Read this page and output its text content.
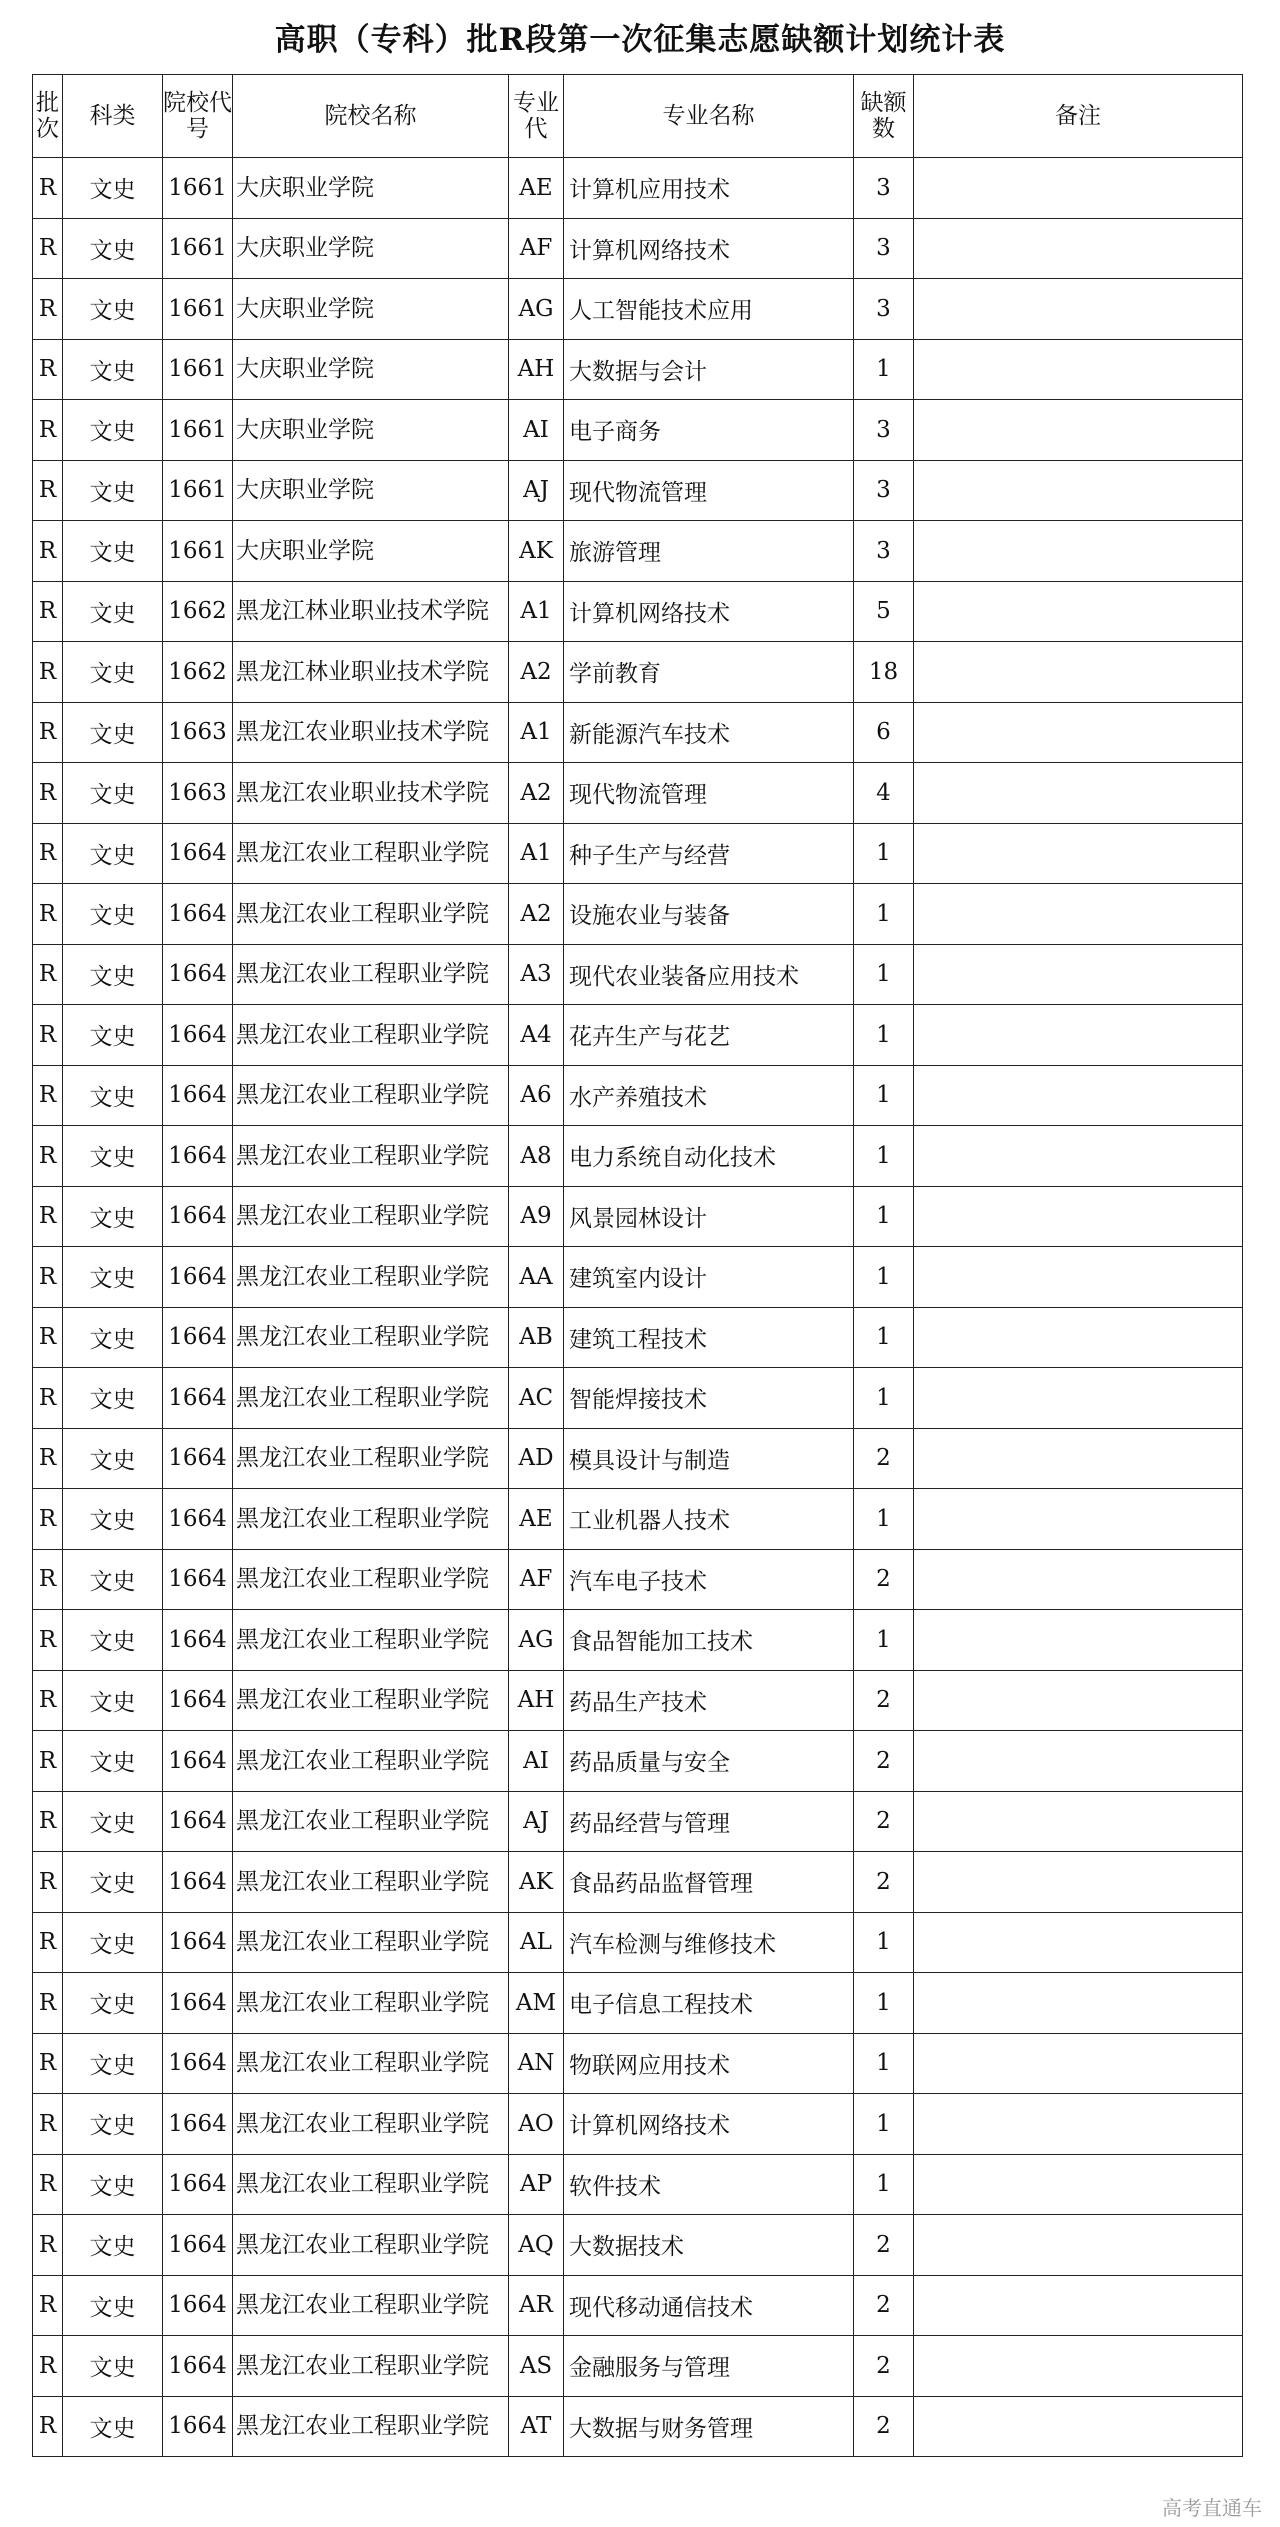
高职（专科）批R段第一次征集志愿缺额计划统计表
批次	科类	院校代号	院校名称	专业代	专业名称	缺额数	备注
R	文史	1661	大庆职业学院	AE	计算机应用技术	3	
R	文史	1661	大庆职业学院	AF	计算机网络技术	3	
R	文史	1661	大庆职业学院	AG	人工智能技术应用	3	
R	文史	1661	大庆职业学院	AH	大数据与会计	1	
R	文史	1661	大庆职业学院	AI	电子商务	3	
R	文史	1661	大庆职业学院	AJ	现代物流管理	3	
R	文史	1661	大庆职业学院	AK	旅游管理	3	
R	文史	1662	黑龙江林业职业技术学院	A1	计算机网络技术	5	
R	文史	1662	黑龙江林业职业技术学院	A2	学前教育	18	
R	文史	1663	黑龙江农业职业技术学院	A1	新能源汽车技术	6	
R	文史	1663	黑龙江农业职业技术学院	A2	现代物流管理	4	
R	文史	1664	黑龙江农业工程职业学院	A1	种子生产与经营	1	
R	文史	1664	黑龙江农业工程职业学院	A2	设施农业与装备	1	
R	文史	1664	黑龙江农业工程职业学院	A3	现代农业装备应用技术	1	
R	文史	1664	黑龙江农业工程职业学院	A4	花卉生产与花艺	1	
R	文史	1664	黑龙江农业工程职业学院	A6	水产养殖技术	1	
R	文史	1664	黑龙江农业工程职业学院	A8	电力系统自动化技术	1	
R	文史	1664	黑龙江农业工程职业学院	A9	风景园林设计	1	
R	文史	1664	黑龙江农业工程职业学院	AA	建筑室内设计	1	
R	文史	1664	黑龙江农业工程职业学院	AB	建筑工程技术	1	
R	文史	1664	黑龙江农业工程职业学院	AC	智能焊接技术	1	
R	文史	1664	黑龙江农业工程职业学院	AD	模具设计与制造	2	
R	文史	1664	黑龙江农业工程职业学院	AE	工业机器人技术	1	
R	文史	1664	黑龙江农业工程职业学院	AF	汽车电子技术	2	
R	文史	1664	黑龙江农业工程职业学院	AG	食品智能加工技术	1	
R	文史	1664	黑龙江农业工程职业学院	AH	药品生产技术	2	
R	文史	1664	黑龙江农业工程职业学院	AI	药品质量与安全	2	
R	文史	1664	黑龙江农业工程职业学院	AJ	药品经营与管理	2	
R	文史	1664	黑龙江农业工程职业学院	AK	食品药品监督管理	2	
R	文史	1664	黑龙江农业工程职业学院	AL	汽车检测与维修技术	1	
R	文史	1664	黑龙江农业工程职业学院	AM	电子信息工程技术	1	
R	文史	1664	黑龙江农业工程职业学院	AN	物联网应用技术	1	
R	文史	1664	黑龙江农业工程职业学院	AO	计算机网络技术	1	
R	文史	1664	黑龙江农业工程职业学院	AP	软件技术	1	
R	文史	1664	黑龙江农业工程职业学院	AQ	大数据技术	2	
R	文史	1664	黑龙江农业工程职业学院	AR	现代移动通信技术	2	
R	文史	1664	黑龙江农业工程职业学院	AS	金融服务与管理	2	
R	文史	1664	黑龙江农业工程职业学院	AT	大数据与财务管理	2	
高考直通车
